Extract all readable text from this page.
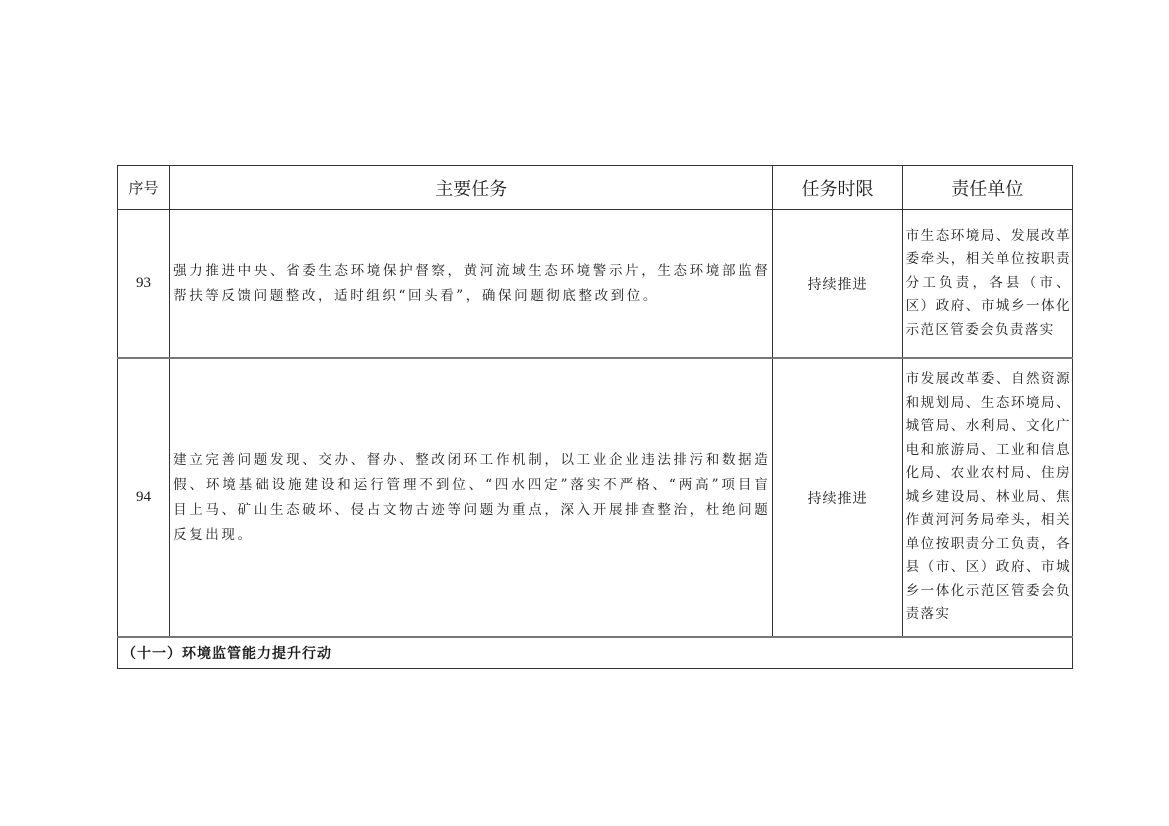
序号	主要任务	任务时限	责任单位
93	强力推进中央、省委生态环境保护督察，黄河流域生态环境警示片，生态环境部监督帮扶等反馈问题整改，适时组织“回头看”，确保问题彻底整改到位。	持续推进	市生态环境局、发展改革委牵头，相关单位按职责分工负责，各县（市、区）政府、市城乡一体化示范区管委会负责落实
94	建立完善问题发现、交办、督办、整改闭环工作机制，以工业企业违法排污和数据造假、环境基础设施建设和运行管理不到位、“四水四定”落实不严格、“两高”项目盲目上马、矿山生态破坏、侵占文物古迹等问题为重点，深入开展排查整治，杜绝问题反复出现。	持续推进	市发展改革委、自然资源和规划局、生态环境局、城管局、水利局、文化广电和旅游局、工业和信息化局、农业农村局、住房城乡建设局、林业局、焦作黄河河务局牵头，相关单位按职责分工负责，各县（市、区）政府、市城乡一体化示范区管委会负责落实
（十一）环境监管能力提升行动			
